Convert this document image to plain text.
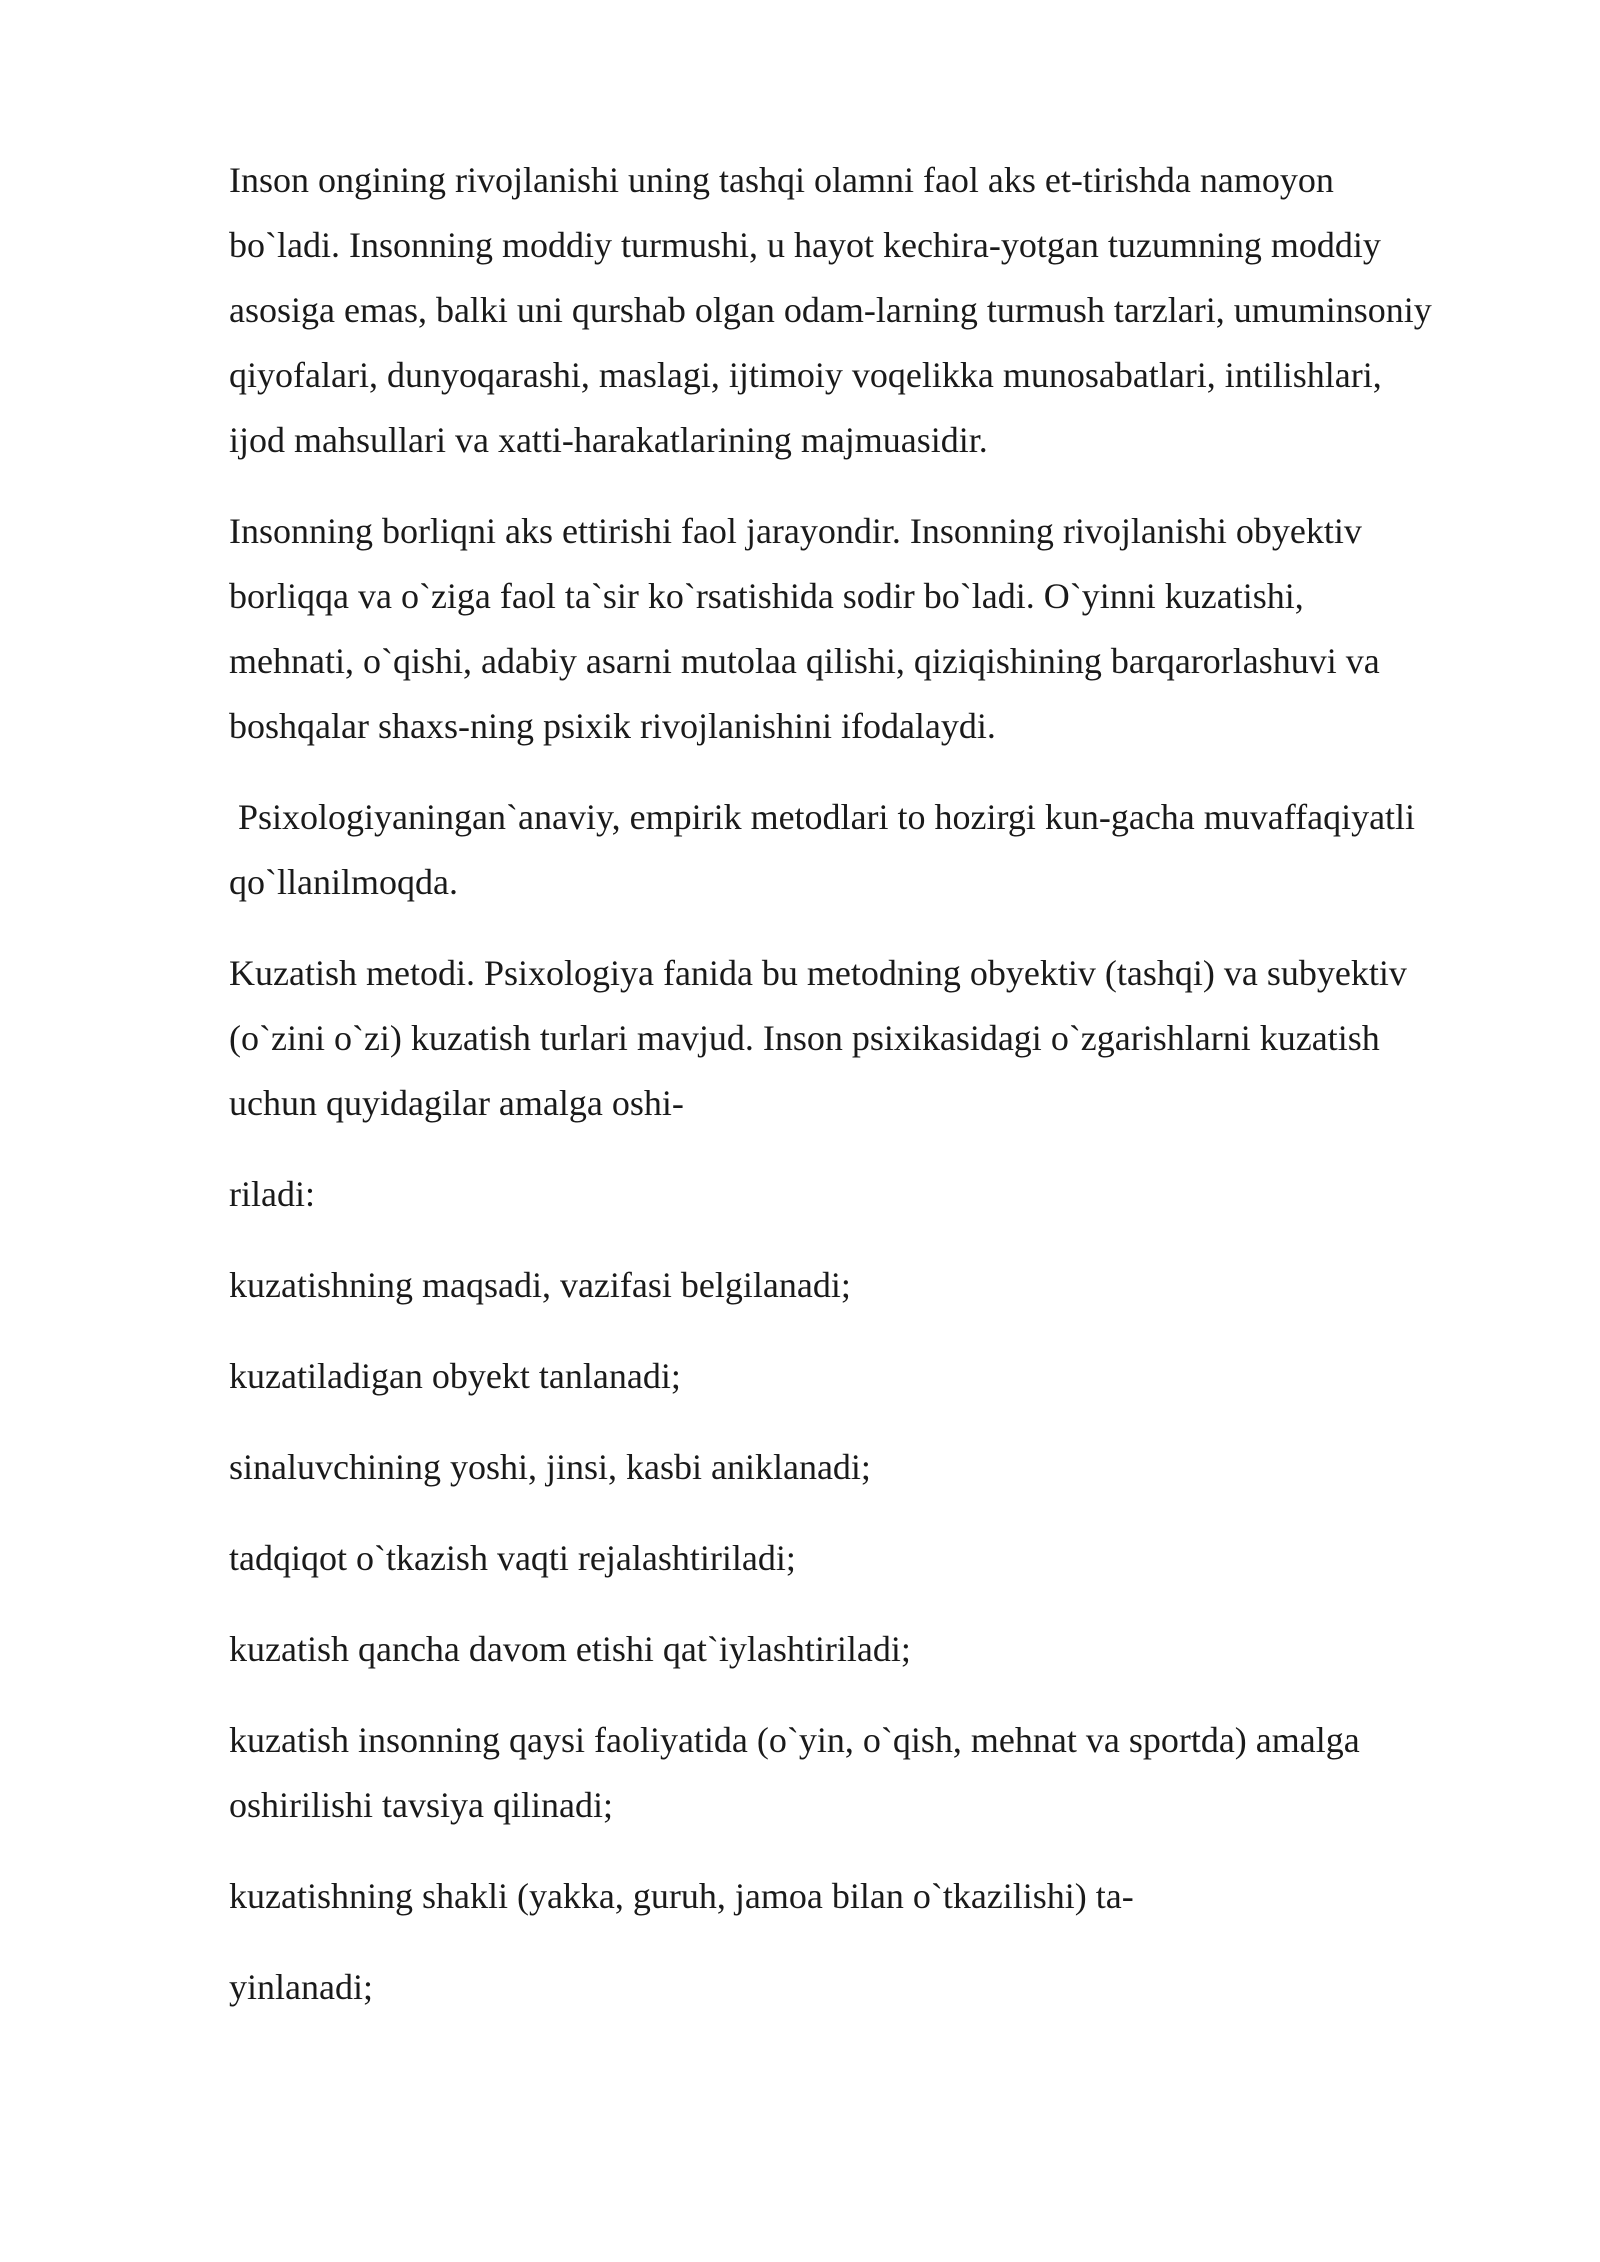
Inson ongining rivojlanishi uning tashqi olamni faol aks et-tirishda namoyon
bo`ladi. Insonning moddiy turmushi, u hayot kechira-yotgan tuzumning moddiy
asosiga emas, balki uni qurshab olgan odam-larning turmush tarzlari, umuminsoniy
qiyofalari, dunyoqarashi, maslagi, ijtimoiy voqelikka munosabatlari, intilishlari,
ijod mahsullari va xatti-harakatlarining majmuasidir.

Insonning borliqni aks ettirishi faol jarayondir. Insonning rivojlanishi obyektiv
borliqqa va o`ziga faol ta`sir ko`rsatishida sodir bo`ladi. O`yinni kuzatishi,
mehnati, o`qishi, adabiy asarni mutolaa qilishi, qiziqishining barqarorlashuvi va
boshqalar shaxs-ning psixik rivojlanishini ifodalaydi.

Psixologiyaningan`anaviy, empirik metodlari to hozirgi kun-gacha muvaffaqiyatli
qo`llanilmoqda.

Kuzatish metodi. Psixologiya fanida bu metodning obyektiv (tashqi) va subyektiv
(o`zini o`zi) kuzatish turlari mavjud. Inson psixikasidagi o`zgarishlarni kuzatish
uchun quyidagilar amalga oshi-

riladi:

kuzatishning maqsadi, vazifasi belgilanadi;

kuzatiladigan obyekt tanlanadi;

sinaluvchining yoshi, jinsi, kasbi aniklanadi;

tadqiqot o`tkazish vaqti rejalashtiriladi;

kuzatish qancha davom etishi qat`iylashtiriladi;

kuzatish insonning qaysi faoliyatida (o`yin, o`qish, mehnat va sportda) amalga
oshirilishi tavsiya qilinadi;

kuzatishning shakli (yakka, guruh, jamoa bilan o`tkazilishi) ta-

yinlanadi;
